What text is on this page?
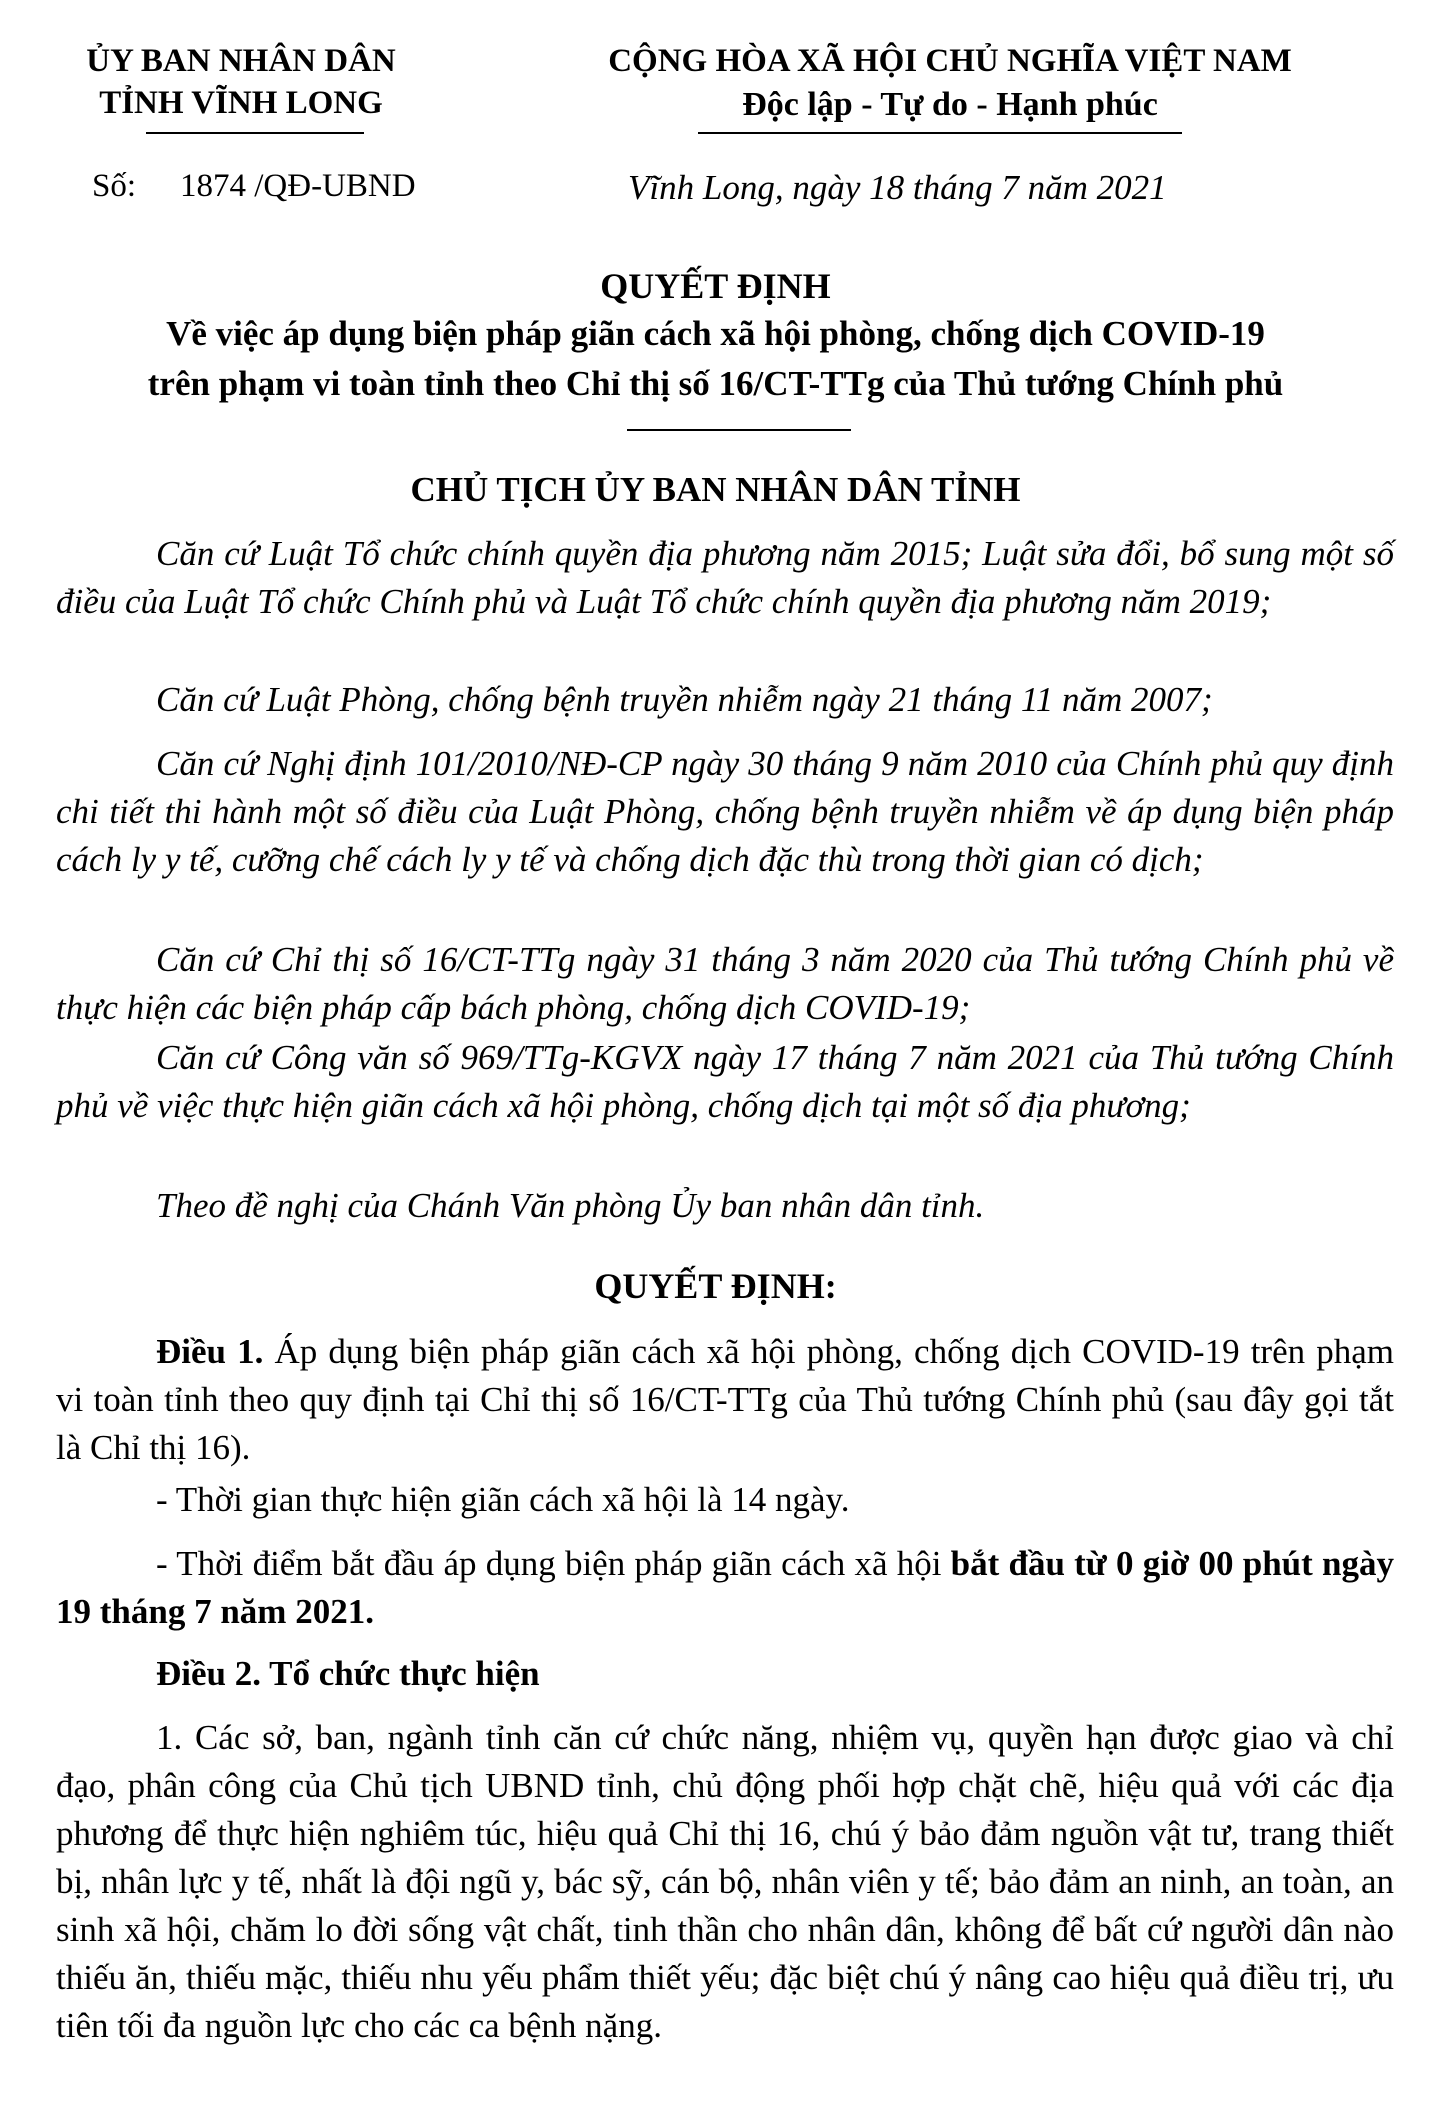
ỦY BAN NHÂN DÂN
TỈNH VĨNH LONG
CỘNG HÒA XÃ HỘI CHỦ NGHĨA VIỆT NAM
Độc lập - Tự do - Hạnh phúc
Số: 1874 /QĐ-UBND	Vĩnh Long, ngày 18 tháng 7 năm 2021
QUYẾT ĐỊNH
Về việc áp dụng biện pháp giãn cách xã hội phòng, chống dịch COVID-19
trên phạm vi toàn tỉnh theo Chỉ thị số 16/CT-TTg của Thủ tướng Chính phủ
CHỦ TỊCH ỦY BAN NHÂN DÂN TỈNH
Căn cứ Luật Tổ chức chính quyền địa phương năm 2015; Luật sửa đổi, bổ sung một số điều của Luật Tổ chức Chính phủ và Luật Tổ chức chính quyền địa phương năm 2019;
Căn cứ Luật Phòng, chống bệnh truyền nhiễm ngày 21 tháng 11 năm 2007;
Căn cứ Nghị định 101/2010/NĐ-CP ngày 30 tháng 9 năm 2010 của Chính phủ quy định chi tiết thi hành một số điều của Luật Phòng, chống bệnh truyền nhiễm về áp dụng biện pháp cách ly y tế, cưỡng chế cách ly y tế và chống dịch đặc thù trong thời gian có dịch;
Căn cứ Chỉ thị số 16/CT-TTg ngày 31 tháng 3 năm 2020 của Thủ tướng Chính phủ về thực hiện các biện pháp cấp bách phòng, chống dịch COVID-19;
Căn cứ Công văn số 969/TTg-KGVX ngày 17 tháng 7 năm 2021 của Thủ tướng Chính phủ về việc thực hiện giãn cách xã hội phòng, chống dịch tại một số địa phương;
Theo đề nghị của Chánh Văn phòng Ủy ban nhân dân tỉnh.
QUYẾT ĐỊNH:
Điều 1. Áp dụng biện pháp giãn cách xã hội phòng, chống dịch COVID-19 trên phạm vi toàn tỉnh theo quy định tại Chỉ thị số 16/CT-TTg của Thủ tướng Chính phủ (sau đây gọi tắt là Chỉ thị 16).
- Thời gian thực hiện giãn cách xã hội là 14 ngày.
- Thời điểm bắt đầu áp dụng biện pháp giãn cách xã hội bắt đầu từ 0 giờ 00 phút ngày 19 tháng 7 năm 2021.
Điều 2. Tổ chức thực hiện
1. Các sở, ban, ngành tỉnh căn cứ chức năng, nhiệm vụ, quyền hạn được giao và chỉ đạo, phân công của Chủ tịch UBND tỉnh, chủ động phối hợp chặt chẽ, hiệu quả với các địa phương để thực hiện nghiêm túc, hiệu quả Chỉ thị 16, chú ý bảo đảm nguồn vật tư, trang thiết bị, nhân lực y tế, nhất là đội ngũ y, bác sỹ, cán bộ, nhân viên y tế; bảo đảm an ninh, an toàn, an sinh xã hội, chăm lo đời sống vật chất, tinh thần cho nhân dân, không để bất cứ người dân nào thiếu ăn, thiếu mặc, thiếu nhu yếu phẩm thiết yếu; đặc biệt chú ý nâng cao hiệu quả điều trị, ưu tiên tối đa nguồn lực cho các ca bệnh nặng.
